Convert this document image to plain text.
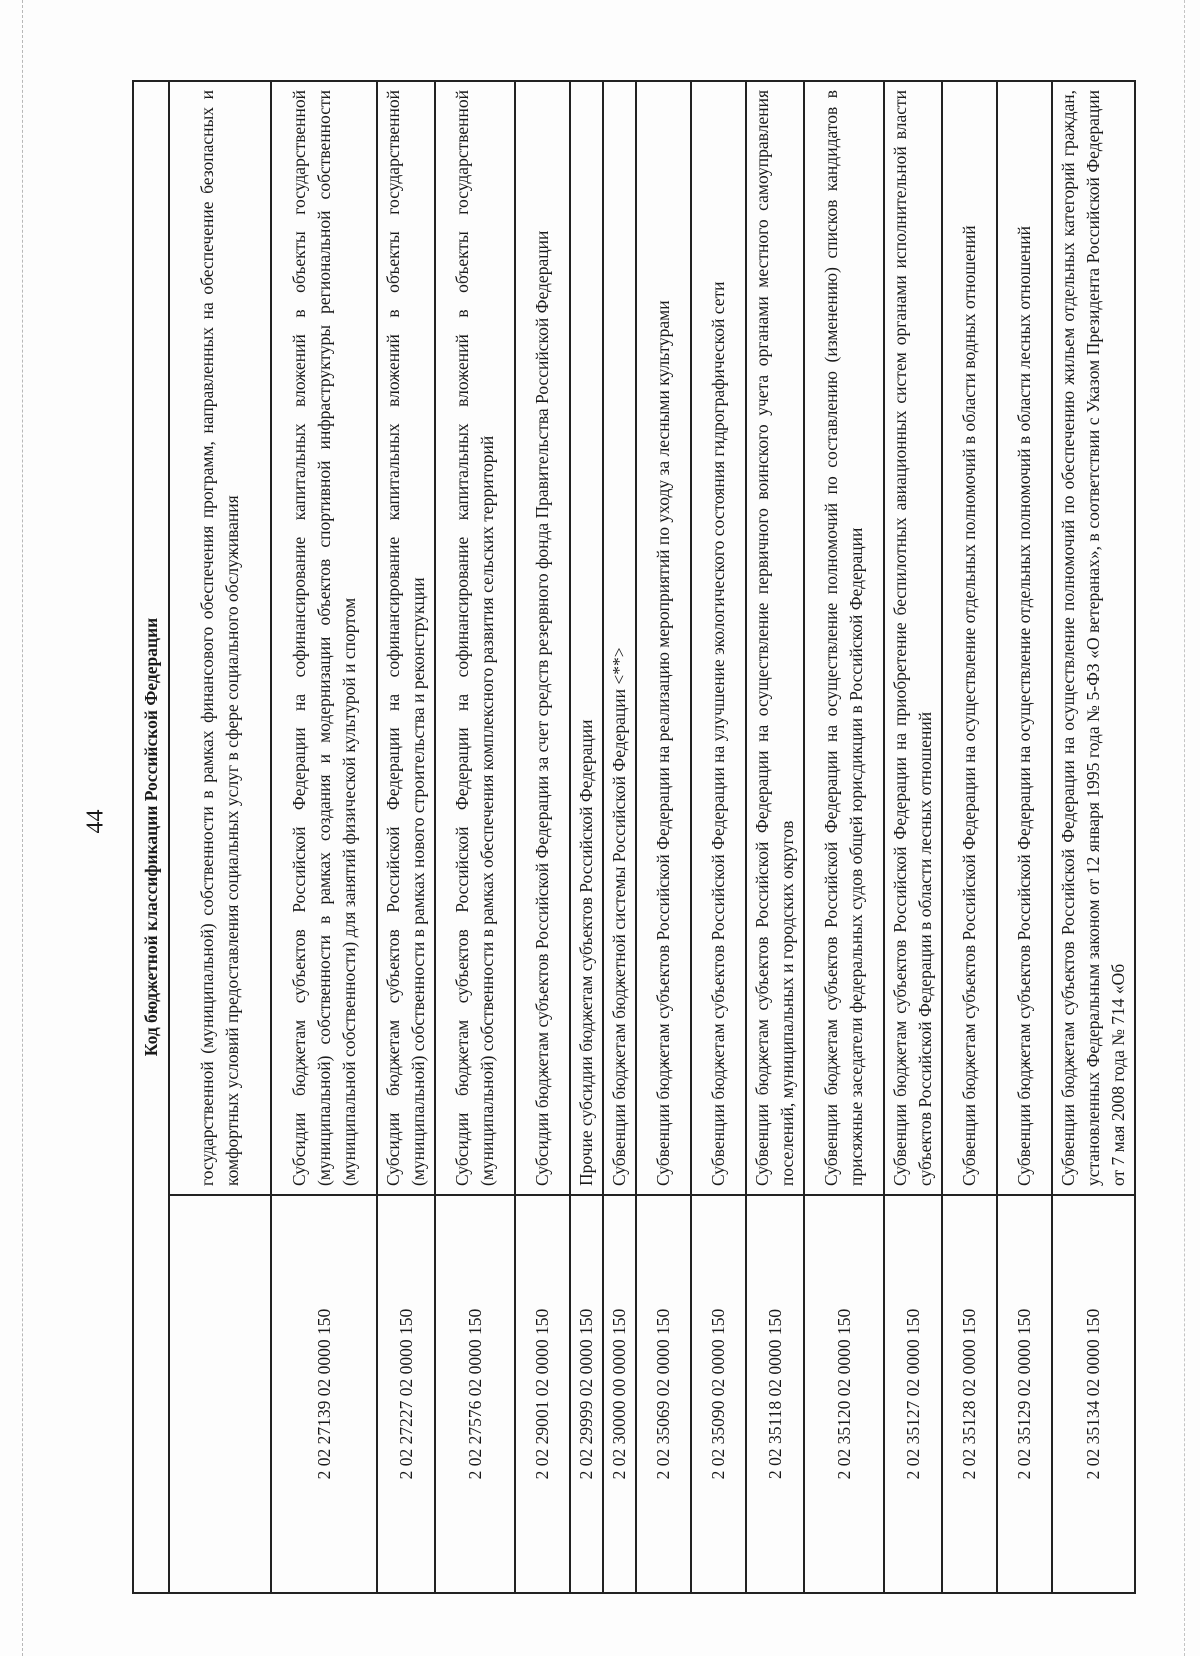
44 Код бюджетной классификации Российской Федерации	
	государственной (муниципальной) собственности в рамках финансового обеспечения программ, направленных на обеспечение безопасных и комфортных условий предоставления социальных услуг в сфере социального обслуживания
2 02 27139 02 0000 150	Субсидии бюджетам субъектов Российской Федерации на софинансирование капитальных вложений в объекты государственной (муниципальной) собственности в рамках создания и модернизации объектов спортивной инфраструктуры региональной собственности (муниципальной собственности) для занятий физической культурой и спортом
2 02 27227 02 0000 150	Субсидии бюджетам субъектов Российской Федерации на софинансирование капитальных вложений в объекты государственной (муниципальной) собственности в рамках нового строительства и реконструкции
2 02 27576 02 0000 150	Субсидии бюджетам субъектов Российской Федерации на софинансирование капитальных вложений в объекты государственной (муниципальной) собственности в рамках обеспечения комплексного развития сельских территорий
2 02 29001 02 0000 150	Субсидии бюджетам субъектов Российской Федерации за счет средств резервного фонда Правительства Российской Федерации
2 02 29999 02 0000 150	Прочие субсидии бюджетам субъектов Российской Федерации
2 02 30000 00 0000 150	Субвенции бюджетам бюджетной системы Российской Федерации <**>
2 02 35069 02 0000 150	Субвенции бюджетам субъектов Российской Федерации на реализацию мероприятий по уходу за лесными культурами
2 02 35090 02 0000 150	Субвенции бюджетам субъектов Российской Федерации на улучшение экологического состояния гидрографической сети
2 02 35118 02 0000 150	Субвенции бюджетам субъектов Российской Федерации на осуществление первичного воинского учета органами местного самоуправления поселений, муниципальных и городских округов
2 02 35120 02 0000 150	Субвенции бюджетам субъектов Российской Федерации на осуществление полномочий по составлению (изменению) списков кандидатов в присяжные заседатели федеральных судов общей юрисдикции в Российской Федерации
2 02 35127 02 0000 150	Субвенции бюджетам субъектов Российской Федерации на приобретение беспилотных авиационных систем органами исполнительной власти субъектов Российской Федерации в области лесных отношений
2 02 35128 02 0000 150	Субвенции бюджетам субъектов Российской Федерации на осуществление отдельных полномочий в области водных отношений
2 02 35129 02 0000 150	Субвенции бюджетам субъектов Российской Федерации на осуществление отдельных полномочий в области лесных отношений
2 02 35134 02 0000 150	Субвенции бюджетам субъектов Российской Федерации на осуществление полномочий по обеспечению жильем отдельных категорий граждан, установленных Федеральным законом от 12 января 1995 года № 5-ФЗ «О ветеранах», в соответствии с Указом Президента Российской Федерации от 7 мая 2008 года № 714 «Об
